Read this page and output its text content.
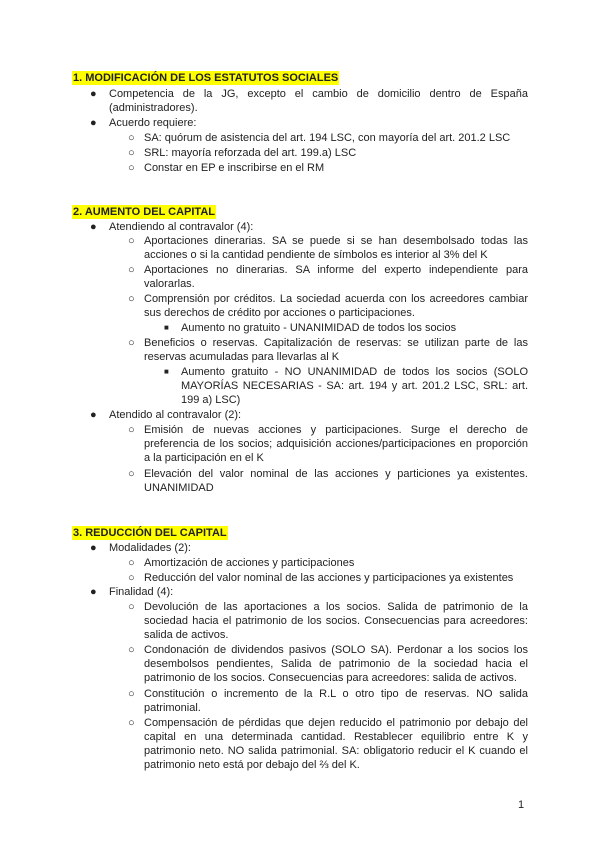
1. MODIFICACIÓN DE LOS ESTATUTOS SOCIALES
● Competencia de la JG, excepto el cambio de domicilio dentro de España
(administradores).
● Acuerdo requiere:
○ SA: quórum de asistencia del art. 194 LSC, con mayoría del art. 201.2 LSC
○ SRL: mayoría reforzada del art. 199.a) LSC
○ Constar en EP e inscribirse en el RM
2. AUMENTO DEL CAPITAL
● Atendiendo al contravalor (4):
○ Aportaciones dinerarias. SA se puede si se han desembolsado todas las
acciones o si la cantidad pendiente de símbolos es interior al 3% del K
○ Aportaciones no dinerarias. SA informe del experto independiente para
valorarlas.
○ Comprensión por créditos. La sociedad acuerda con los acreedores cambiar
sus derechos de crédito por acciones o participaciones.
■ Aumento no gratuito - UNANIMIDAD de todos los socios
○ Beneficios o reservas. Capitalización de reservas: se utilizan parte de las
reservas acumuladas para llevarlas al K
■ Aumento gratuito - NO UNANIMIDAD de todos los socios (SOLO
MAYORÍAS NECESARIAS - SA: art. 194 y art. 201.2 LSC, SRL: art.
199 a) LSC)
● Atendido al contravalor (2):
○ Emisión de nuevas acciones y participaciones. Surge el derecho de
preferencia de los socios; adquisición acciones/participaciones en proporción
a la participación en el K
○ Elevación del valor nominal de las acciones y particiones ya existentes.
UNANIMIDAD
3. REDUCCIÓN DEL CAPITAL
● Modalidades (2):
○ Amortización de acciones y participaciones
○ Reducción del valor nominal de las acciones y participaciones ya existentes
● Finalidad (4):
○ Devolución de las aportaciones a los socios. Salida de patrimonio de la
sociedad hacia el patrimonio de los socios. Consecuencias para acreedores:
salida de activos.
○ Condonación de dividendos pasivos (SOLO SA). Perdonar a los socios los
desembolsos pendientes, Salida de patrimonio de la sociedad hacia el
patrimonio de los socios. Consecuencias para acreedores: salida de activos.
○ Constitución o incremento de la R.L o otro tipo de reservas. NO salida
patrimonial.
○ Compensación de pérdidas que dejen reducido el patrimonio por debajo del
capital en una determinada cantidad. Restablecer equilibrio entre K y
patrimonio neto. NO salida patrimonial. SA: obligatorio reducir el K cuando el
patrimonio neto está por debajo del ⅔ del K.
1
